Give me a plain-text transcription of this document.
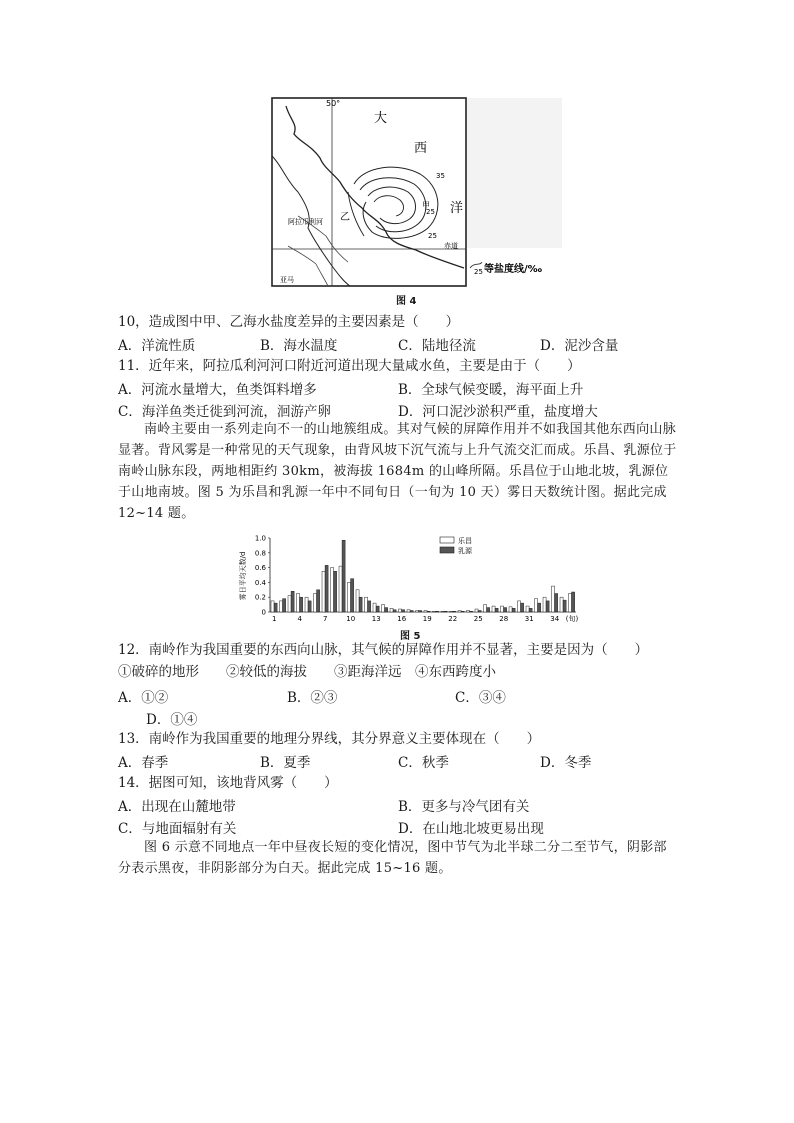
50°
大
西
洋
甲
乙
阿拉瓜利河
亚马
赤道
35
25
25
25 等盐度线/‰
图 4
10，造成图中甲、乙海水盐度差异的主要因素是（　　）
A．洋流性质	B．海水温度	C．陆地径流	D．泥沙含量
11．近年来，阿拉瓜利河河口附近河道出现大量咸水鱼，主要是由于（　　）
A．河流水量增大，鱼类饵料增多	B．全球气候变暖，海平面上升
C．海洋鱼类迁徙到河流，洄游产卵	D．河口泥沙淤积严重，盐度增大
南岭主要由一系列走向不一的山地簇组成。其对气候的屏障作用并不如我国其他东西向山脉显著。背风雾是一种常见的天气现象，由背风坡下沉气流与上升气流交汇而成。乐昌、乳源位于南岭山脉东段，两地相距约 30km，被海拔 1684m 的山峰所隔。乐昌位于山地北坡，乳源位于山地南坡。图 5 为乐昌和乳源一年中不同旬日（一旬为 10 天）雾日天数统计图。据此完成 12~14 题。
雾日平均天数/d
0
0.2
0.4
0.6
0.8
1.0
1	4	7	10 13 16 19 22 25 28 31 34 (旬)
乐昌
乳源
图 5
12．南岭作为我国重要的东西向山脉，其气候的屏障作用并不显著，主要是因为（　　）
①破碎的地形　　②较低的海拔　　③距海洋远　④东西跨度小
A．①②	B．②③	C．③④
D．①④
13．南岭作为我国重要的地理分界线，其分界意义主要体现在（　　）
A．春季	B．夏季	C．秋季	D．冬季
14．据图可知，该地背风雾（　　）
A．出现在山麓地带	B．更多与冷气团有关
C．与地面辐射有关	D．在山地北坡更易出现
图 6 示意不同地点一年中昼夜长短的变化情况，图中节气为北半球二分二至节气，阴影部分表示黑夜，非阴影部分为白天。据此完成 15~16 题。
